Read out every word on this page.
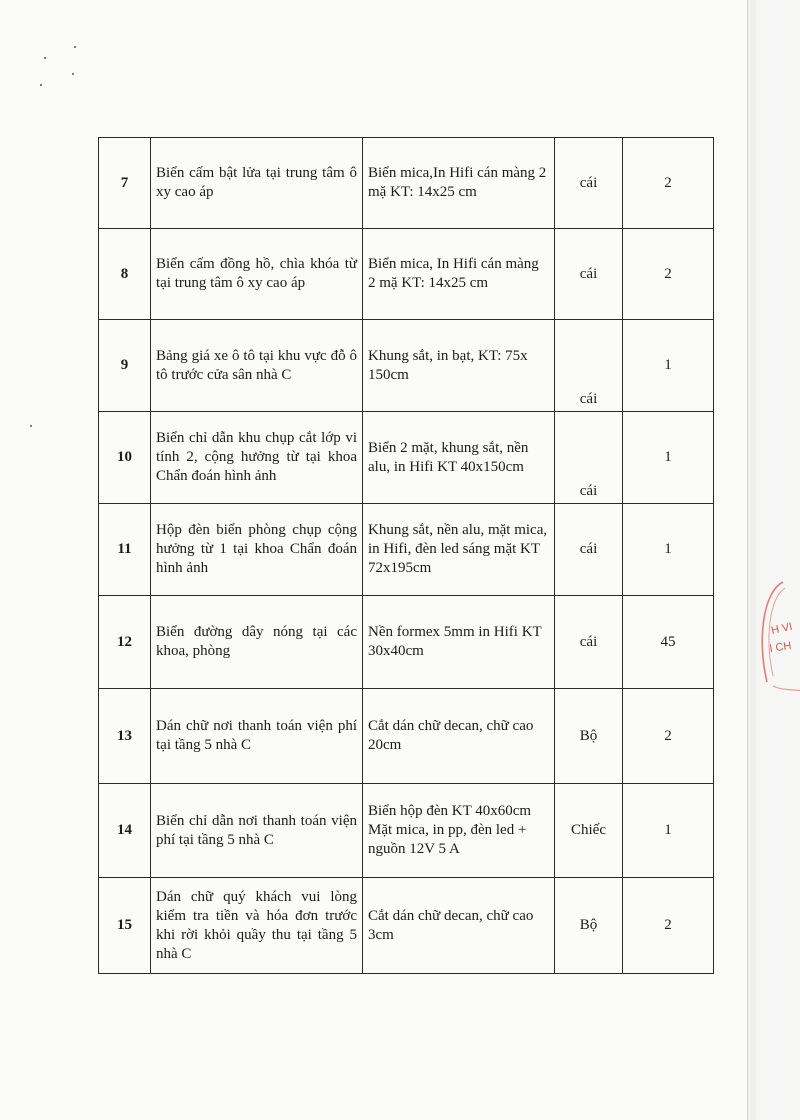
7	Biển cấm bật lửa tại trung tâm ô xy cao áp	Biển mica,In Hifi cán màng 2 mặ KT: 14x25 cm	cái	2
8	Biển cấm đồng hồ, chìa khóa từ tại trung tâm ô xy cao áp	Biển mica, In Hifi cán màng 2 mặ KT: 14x25 cm	cái	2
9	Bảng giá xe ô tô tại khu vực đỗ ô tô trước cửa sân nhà C	Khung sắt, in bạt, KT: 75x 150cm	cái	1
10	Biển chỉ dẫn khu chụp cắt lớp vi tính 2, cộng hưởng từ tại khoa Chẩn đoán hình ảnh	Biển 2 mặt, khung sắt, nền alu, in Hifi KT 40x150cm	cái	1
11	Hộp đèn biển phòng chụp cộng hưởng từ 1 tại khoa Chẩn đoán hình ảnh	Khung sắt, nền alu, mặt mica, in Hifi, đèn led sáng mặt KT 72x195cm	cái	1
12	Biển đường dây nóng tại các khoa, phòng	Nền formex 5mm in Hifi KT 30x40cm	cái	45
13	Dán chữ nơi thanh toán viện phí tại tầng 5 nhà C	Cắt dán chữ decan, chữ cao 20cm	Bộ	2
14	Biển chỉ dẫn nơi thanh toán viện phí tại tầng 5 nhà C	Biển hộp đèn KT 40x60cm Mặt mica, in pp, đèn led + nguồn 12V 5 A	Chiếc	1
15	Dán chữ quý khách vui lòng kiểm tra tiền và hóa đơn trước khi rời khỏi quầy thu tại tầng 5 nhà C	Cắt dán chữ decan, chữ cao 3cm	Bộ	2
H VI
I CH
